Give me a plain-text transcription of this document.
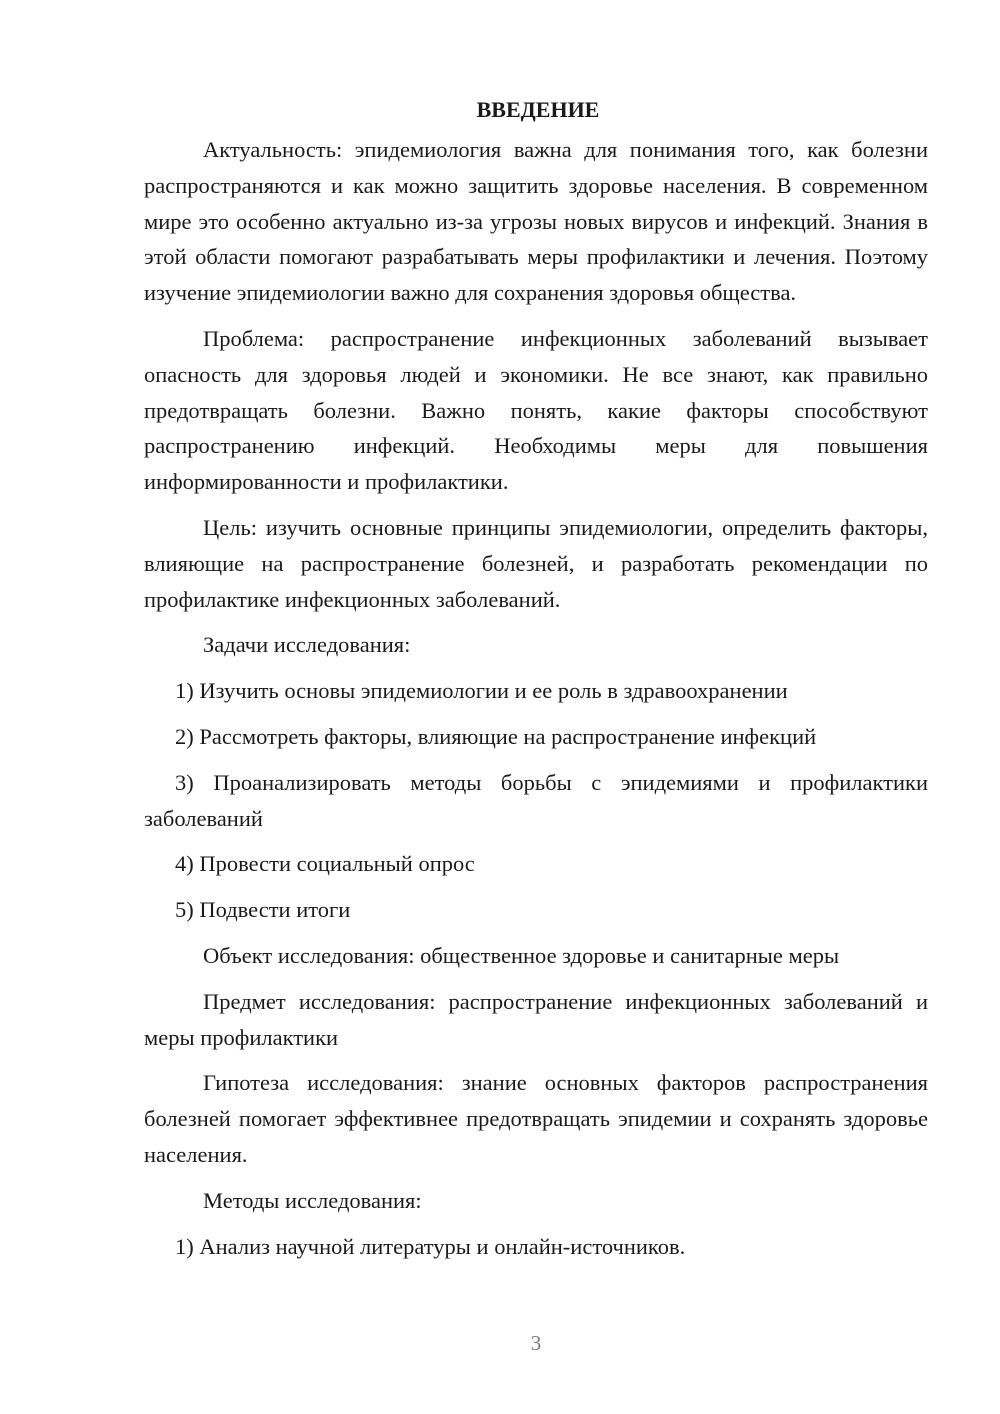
ВВЕДЕНИЕ

Актуальность: эпидемиология важна для понимания того, как болезни распространяются и как можно защитить здоровье населения. В современном мире это особенно актуально из-за угрозы новых вирусов и инфекций. Знания в этой области помогают разрабатывать меры профилактики и лечения. Поэтому изучение эпидемиологии важно для сохранения здоровья общества.

Проблема: распространение инфекционных заболеваний вызывает опасность для здоровья людей и экономики. Не все знают, как правильно предотвращать болезни. Важно понять, какие факторы способствуют распространению инфекций. Необходимы меры для повышения информированности и профилактики.

Цель: изучить основные принципы эпидемиологии, определить факторы, влияющие на распространение болезней, и разработать рекомендации по профилактике инфекционных заболеваний.

Задачи исследования:

1) Изучить основы эпидемиологии и ее роль в здравоохранении

2) Рассмотреть факторы, влияющие на распространение инфекций

3) Проанализировать методы борьбы с эпидемиями и профилактики заболеваний

4) Провести социальный опрос

5) Подвести итоги

Объект исследования: общественное здоровье и санитарные меры

Предмет исследования: распространение инфекционных заболеваний и меры профилактики

Гипотеза исследования: знание основных факторов распространения болезней помогает эффективнее предотвращать эпидемии и сохранять здоровье населения.

Методы исследования:

1) Анализ научной литературы и онлайн-источников.

3
